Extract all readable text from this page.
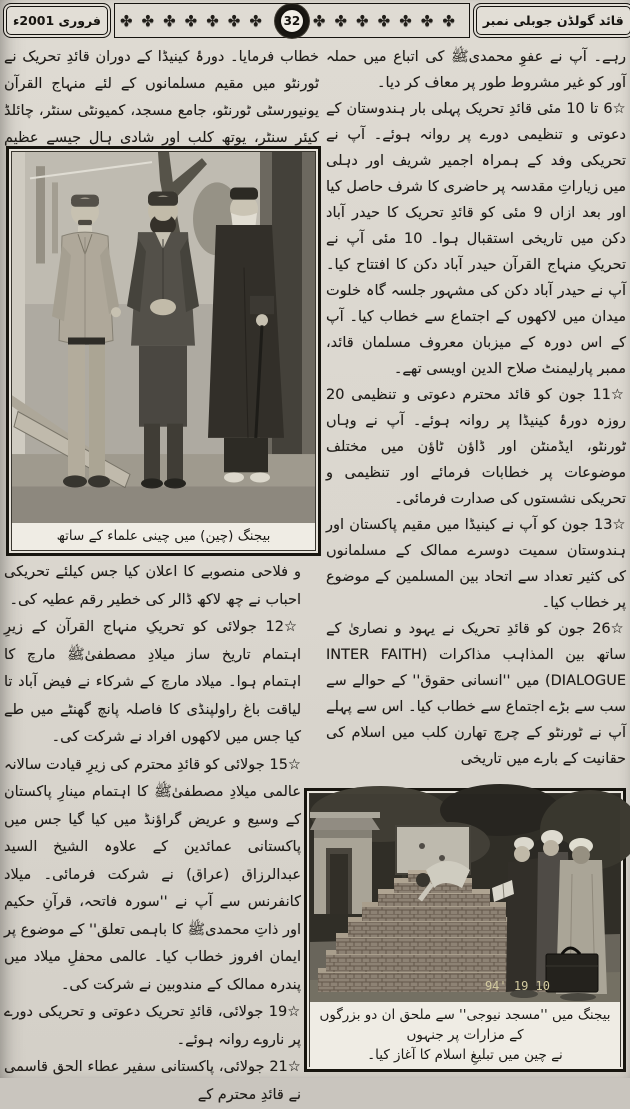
فروری 2001ء ✤✤✤✤✤✤✤	32 ✤✤✤✤✤✤✤ قائد گولڈن جوبلی نمبر

رہے۔ آپ نے عفوِ محمدیﷺ کی اتباع میں حملہ آور کو غیر مشروط طور پر معاف کر دیا۔

☆6 تا 10 مئی قائدِ تحریک پہلی بار ہندوستان کے دعوتی و تنظیمی دورے پر روانہ ہوئے۔ آپ نے تحریکی وفد کے ہمراہ اجمیر شریف اور دہلی میں زیاراتِ مقدسہ پر حاضری کا شرف حاصل کیا اور بعد ازاں 9 مئی کو قائدِ تحریک کا حیدر آباد دکن میں تاریخی استقبال ہوا۔ 10 مئی آپ نے تحریکِ منہاج القرآن حیدر آباد دکن کا افتتاح کیا۔ آپ نے حیدر آباد دکن کی مشہور جلسہ گاہ خلوت میدان میں لاکھوں کے اجتماع سے خطاب کیا۔ آپ کے اس دورہ کے میزبان معروف مسلمان قائد، ممبر پارلیمنٹ صلاح الدین اویسی تھے۔

☆11 جون کو قائد محترم دعوتی و تنظیمی 20 روزہ دورۂ کینیڈا پر روانہ ہوئے۔ آپ نے وہاں ٹورنٹو، ایڈمنٹن اور ڈاؤن ٹاؤن میں مختلف موضوعات پر خطابات فرمائے اور تنظیمی و تحریکی نشستوں کی صدارت فرمائی۔

☆13 جون کو آپ نے کینیڈا میں مقیم پاکستان اور ہندوستان سمیت دوسرے ممالک کے مسلمانوں کی کثیر تعداد سے اتحاد بین المسلمین کے موضوع پر خطاب کیا۔

☆26 جون کو قائدِ تحریک نے یہود و نصاریٰ کے ساتھ بین المذاہب مذاکرات (INTER FAITH DIALOGUE) میں ''انسانی حقوق'' کے حوالے سے سب سے بڑے اجتماع سے خطاب کیا۔ اس سے پہلے آپ نے ٹورنٹو کے چرچ تھارن کلب میں اسلام کی حقانیت کے بارے میں تاریخی

خطاب فرمایا۔ دورۂ کینیڈا کے دوران قائدِ تحریک نے ٹورنٹو میں مقیم مسلمانوں کے لئے منہاج القرآن یونیورسٹی ٹورنٹو، جامع مسجد، کمیونٹی سنٹر، چائلڈ کیئر سنٹر، یوتھ کلب اور شادی ہال جیسے عظیم

بیجنگ (چین) میں چینی علماء کے ساتھ

و فلاحی منصوبے کا اعلان کیا جس کیلئے تحریکی احباب نے چھ لاکھ ڈالر کی خطیر رقم عطیہ کی۔

☆12 جولائی کو تحریکِ منہاج القرآن کے زیرِ اہتمام تاریخ ساز میلادِ مصطفیٰﷺ مارچ کا اہتمام ہوا۔ میلاد مارچ کے شرکاء نے فیض آباد تا لیاقت باغ راولپنڈی کا فاصلہ پانچ گھنٹے میں طے کیا جس میں لاکھوں افراد نے شرکت کی۔

☆15 جولائی کو قائدِ محترم کی زیرِ قیادت سالانہ عالمی میلادِ مصطفیٰﷺ کا اہتمام مینارِ پاکستان کے وسیع و عریض گراؤنڈ میں کیا گیا جس میں پاکستانی عمائدین کے علاوہ الشیخ السید عبدالرزاق (عراق) نے شرکت فرمائی۔ میلاد کانفرنس سے آپ نے ''سورہ فاتحہ، قرآنِ حکیم اور ذاتِ محمدیﷺ کا باہمی تعلق'' کے موضوع پر ایمان افروز خطاب کیا۔ عالمی محفلِ میلاد میں پندرہ ممالک کے مندوبین نے شرکت کی۔

☆19 جولائی، قائدِ تحریک دعوتی و تحریکی دورے پر ناروے روانہ ہوئے۔

☆21 جولائی، پاکستانی سفیر عطاء الحق قاسمی نے قائدِ محترم کے

10 19 '94
بیجنگ میں ''مسجد نیوجی'' سے ملحق ان دو بزرگوں کے مزارات پر جنہوں
نے چین میں تبلیغِ اسلام کا آغاز کیا۔
